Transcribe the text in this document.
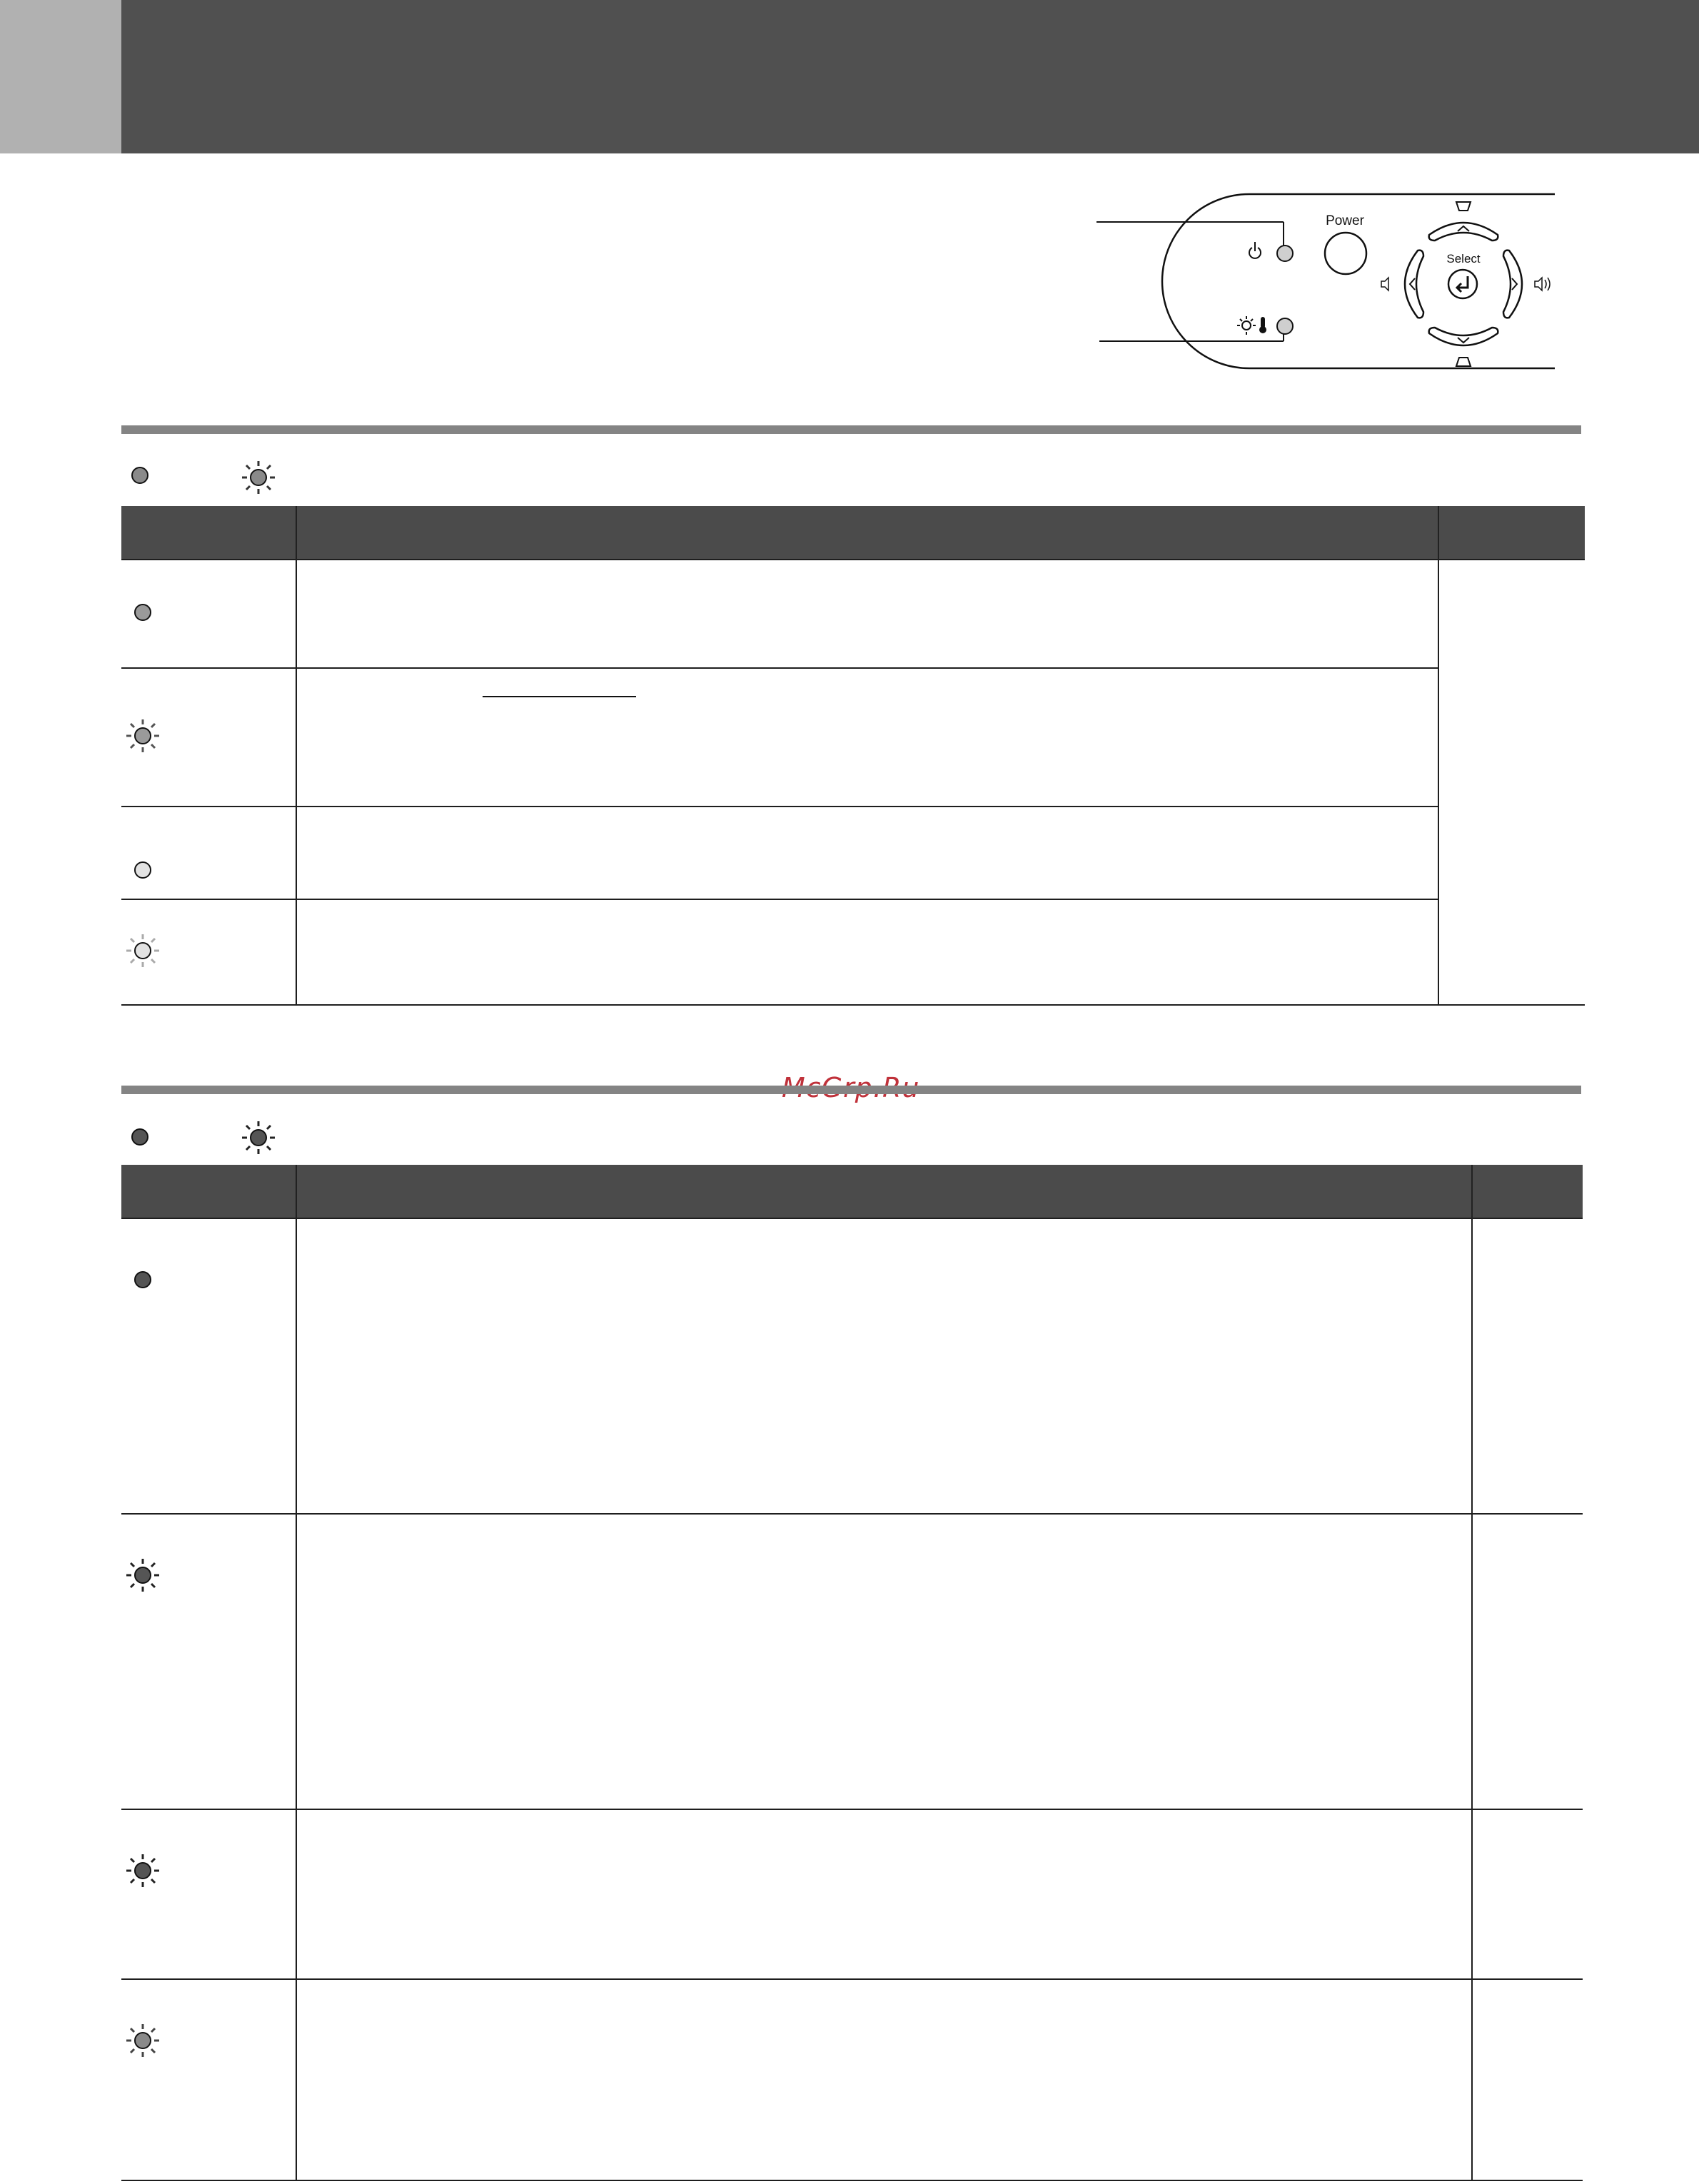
Power
Select
